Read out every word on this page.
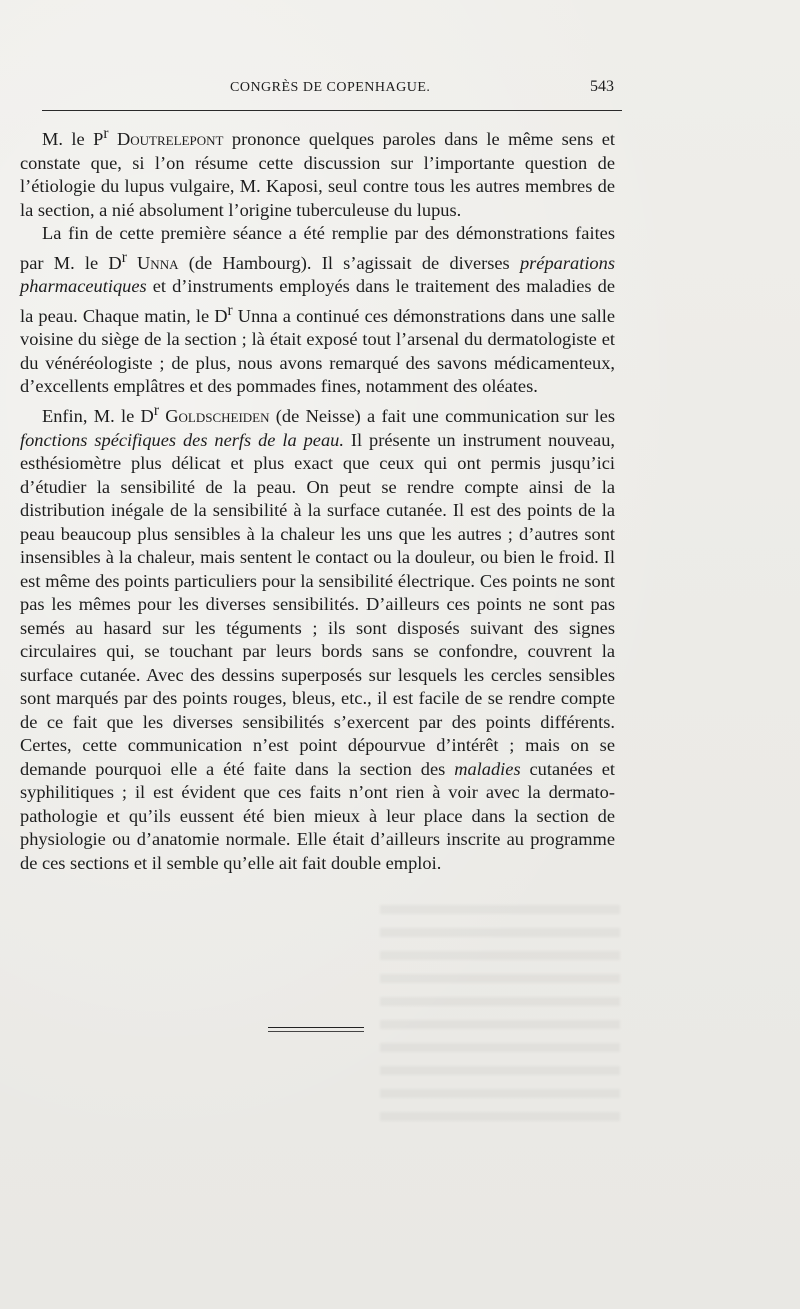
CONGRÈS DE COPENHAGUE.	543

M. le $P^r$ Doutrelepont prononce quelques paroles dans le même sens et constate que, si l’on résume cette discussion sur l’importante question de l’étiologie du lupus vulgaire, M. Kaposi, seul contre tous les autres membres de la section, a nié absolument l’origine tuberculeuse du lupus.

La fin de cette première séance a été remplie par des démonstrations faites par M. le $D^r$ Unna (de Hambourg). Il s’agissait de diverses préparations pharmaceutiques et d’instruments employés dans le traitement des maladies de la peau. Chaque matin, le $D^r$ Unna a continué ces démonstrations dans une salle voisine du siège de la section ; là était exposé tout l’arsenal du dermatologiste et du vénéréologiste ; de plus, nous avons remarqué des savons médicamenteux, d’excellents emplâtres et des pommades fines, notamment des oléates.

Enfin, M. le $D^r$ Goldscheiden (de Neisse) a fait une communication sur les fonctions spécifiques des nerfs de la peau. Il présente un instrument nouveau, esthésiomètre plus délicat et plus exact que ceux qui ont permis jusqu’ici d’étudier la sensibilité de la peau. On peut se rendre compte ainsi de la distribution inégale de la sensibilité à la surface cutanée. Il est des points de la peau beaucoup plus sensibles à la chaleur les uns que les autres ; d’autres sont insensibles à la chaleur, mais sentent le contact ou la douleur, ou bien le froid. Il est même des points particuliers pour la sensibilité électrique. Ces points ne sont pas les mêmes pour les diverses sensibilités. D’ailleurs ces points ne sont pas semés au hasard sur les téguments ; ils sont disposés suivant des signes circulaires qui, se touchant par leurs bords sans se confondre, couvrent la surface cutanée. Avec des dessins superposés sur lesquels les cercles sensibles sont marqués par des points rouges, bleus, etc., il est facile de se rendre compte de ce fait que les diverses sensibilités s’exercent par des points différents. Certes, cette communication n’est point dépourvue d’intérêt ; mais on se demande pourquoi elle a été faite dans la section des maladies cutanées et syphilitiques ; il est évident que ces faits n’ont rien à voir avec la dermato-pathologie et qu’ils eussent été bien mieux à leur place dans la section de physiologie ou d’anatomie normale. Elle était d’ailleurs inscrite au programme de ces sections et il semble qu’elle ait fait double emploi.
